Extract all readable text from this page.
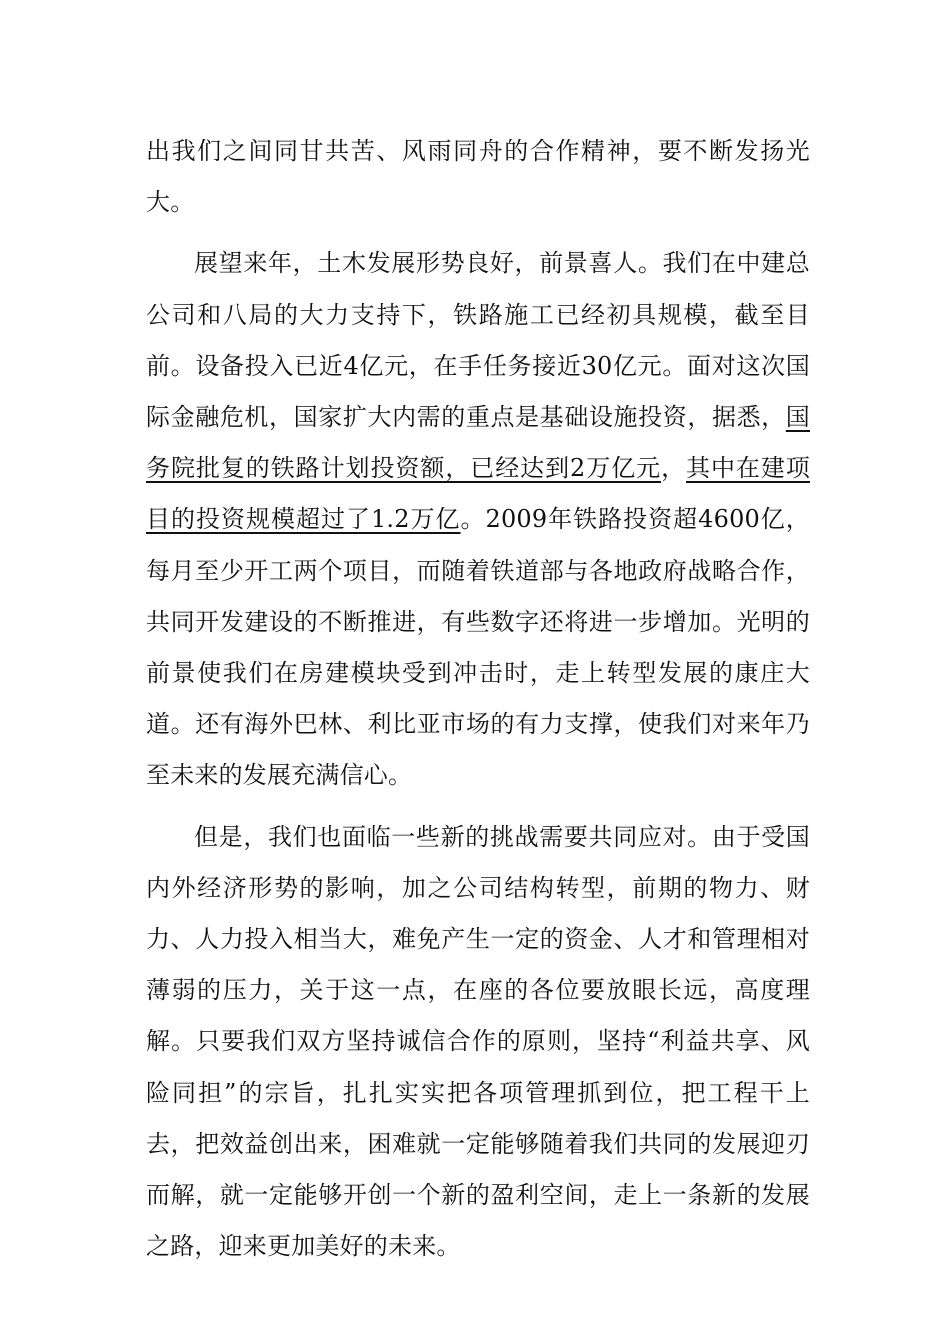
出我们之间同甘共苦、风雨同舟的合作精神，要不断发扬光大。

展望来年，土木发展形势良好，前景喜人。我们在中建总公司和八局的大力支持下，铁路施工已经初具规模，截至目前。设备投入已近4亿元，在手任务接近30亿元。面对这次国际金融危机，国家扩大内需的重点是基础设施投资，据悉，国务院批复的铁路计划投资额，已经达到2万亿元，其中在建项目的投资规模超过了1.2万亿。2009年铁路投资超4600亿，每月至少开工两个项目，而随着铁道部与各地政府战略合作，共同开发建设的不断推进，有些数字还将进一步增加。光明的前景使我们在房建模块受到冲击时，走上转型发展的康庄大道。还有海外巴林、利比亚市场的有力支撑，使我们对来年乃至未来的发展充满信心。

但是，我们也面临一些新的挑战需要共同应对。由于受国内外经济形势的影响，加之公司结构转型，前期的物力、财力、人力投入相当大，难免产生一定的资金、人才和管理相对薄弱的压力，关于这一点，在座的各位要放眼长远，高度理解。只要我们双方坚持诚信合作的原则，坚持“利益共享、风险同担”的宗旨，扎扎实实把各项管理抓到位，把工程干上去，把效益创出来，困难就一定能够随着我们共同的发展迎刃而解，就一定能够开创一个新的盈利空间，走上一条新的发展之路，迎来更加美好的未来。
